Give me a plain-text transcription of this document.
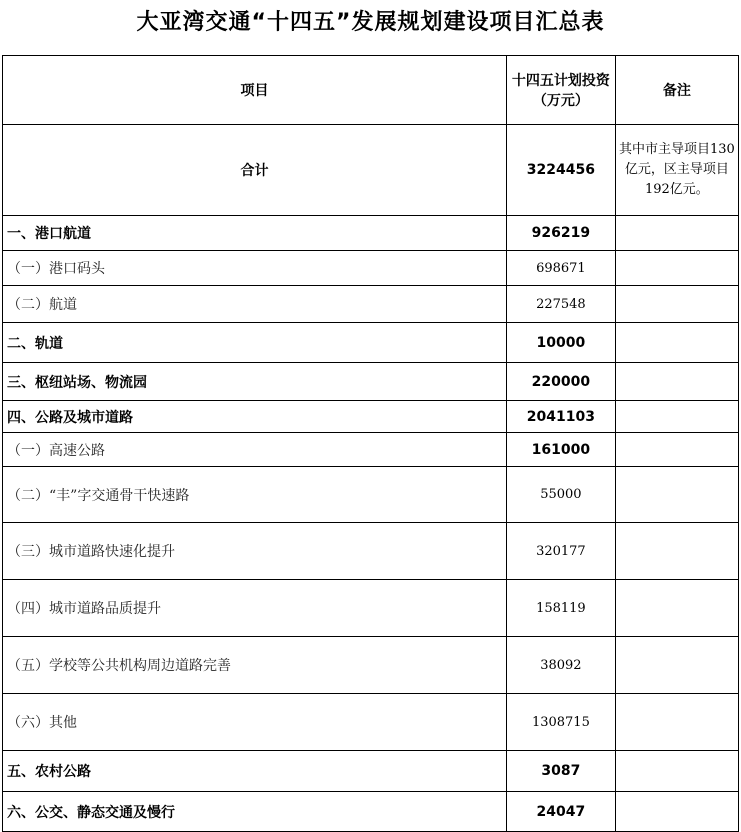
大亚湾交通“十四五”发展规划建设项目汇总表
项目	十四五计划投资（万元）	备注
合计	3224456	其中市主导项目130亿元，区主导项目192亿元。
一、港口航道	926219	
（一）港口码头	698671	
（二）航道	227548	
二、轨道	10000	
三、枢纽站场、物流园	220000	
四、公路及城市道路	2041103	
（一）高速公路	161000	
（二）“丰”字交通骨干快速路	55000	
（三）城市道路快速化提升	320177	
（四）城市道路品质提升	158119	
（五）学校等公共机构周边道路完善	38092	
（六）其他	1308715	
五、农村公路	3087	
六、公交、静态交通及慢行	24047	
